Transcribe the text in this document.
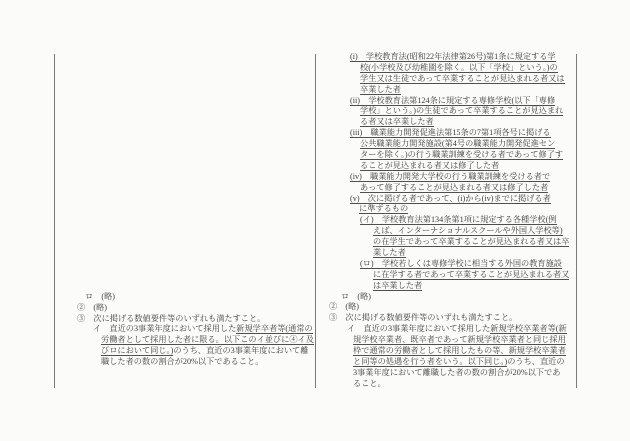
ロ　(略)
②　(略)
③　次に掲げる数値要件等のいずれも満たすこと。
イ　直近の3事業年度において採用した新規学卒者等(通常の
労働者として採用した者に限る。以下このイ並びに④イ及
びロにおいて同じ。)のうち、直近の3事業年度において離
職した者の数の割合が20%以下であること。
(i)　学校教育法(昭和22年法律第26号)第1条に規定する学
校(小学校及び幼稚園を除く。以下「学校」という。)の
学生又は生徒であって卒業することが見込まれる者又は
卒業した者
(ii)　学校教育法第124条に規定する専修学校(以下「専修
学校」という。)の生徒であって卒業することが見込まれ
る者又は卒業した者
(iii)　職業能力開発促進法第15条の7第1項各号に掲げる
公共職業能力開発施設(第4号の職業能力開発促進セン
ターを除く。)の行う職業訓練を受ける者であって修了す
ることが見込まれる者又は修了した者
(iv)　職業能力開発大学校の行う職業訓練を受ける者で
あって修了することが見込まれる者又は修了した者
(v)　次に掲げる者であって、(i)から(iv)までに掲げる者
に準ずるもの
(イ)　学校教育法第134条第1項に規定する各種学校(例
えば、インターナショナルスクールや外国人学校等)
の在学生であって卒業することが見込まれる者又は卒
業した者
(ロ)　学校若しくは専修学校に相当する外国の教育施設
に在学する者であって卒業することが見込まれる者又
は卒業した者
ロ　(略)
②　(略)
③　次に掲げる数値要件等のいずれも満たすこと。
イ　直近の3事業年度において採用した新規学校卒業者等(新
規学校卒業者、既卒者であって新規学校卒業者と同じ採用
枠で通常の労働者として採用したもの等、新規学校卒業者
と同等の処遇を行う者をいう。以下同じ。)のうち、直近の
3事業年度において離職した者の数の割合が20%以下であ
ること。
